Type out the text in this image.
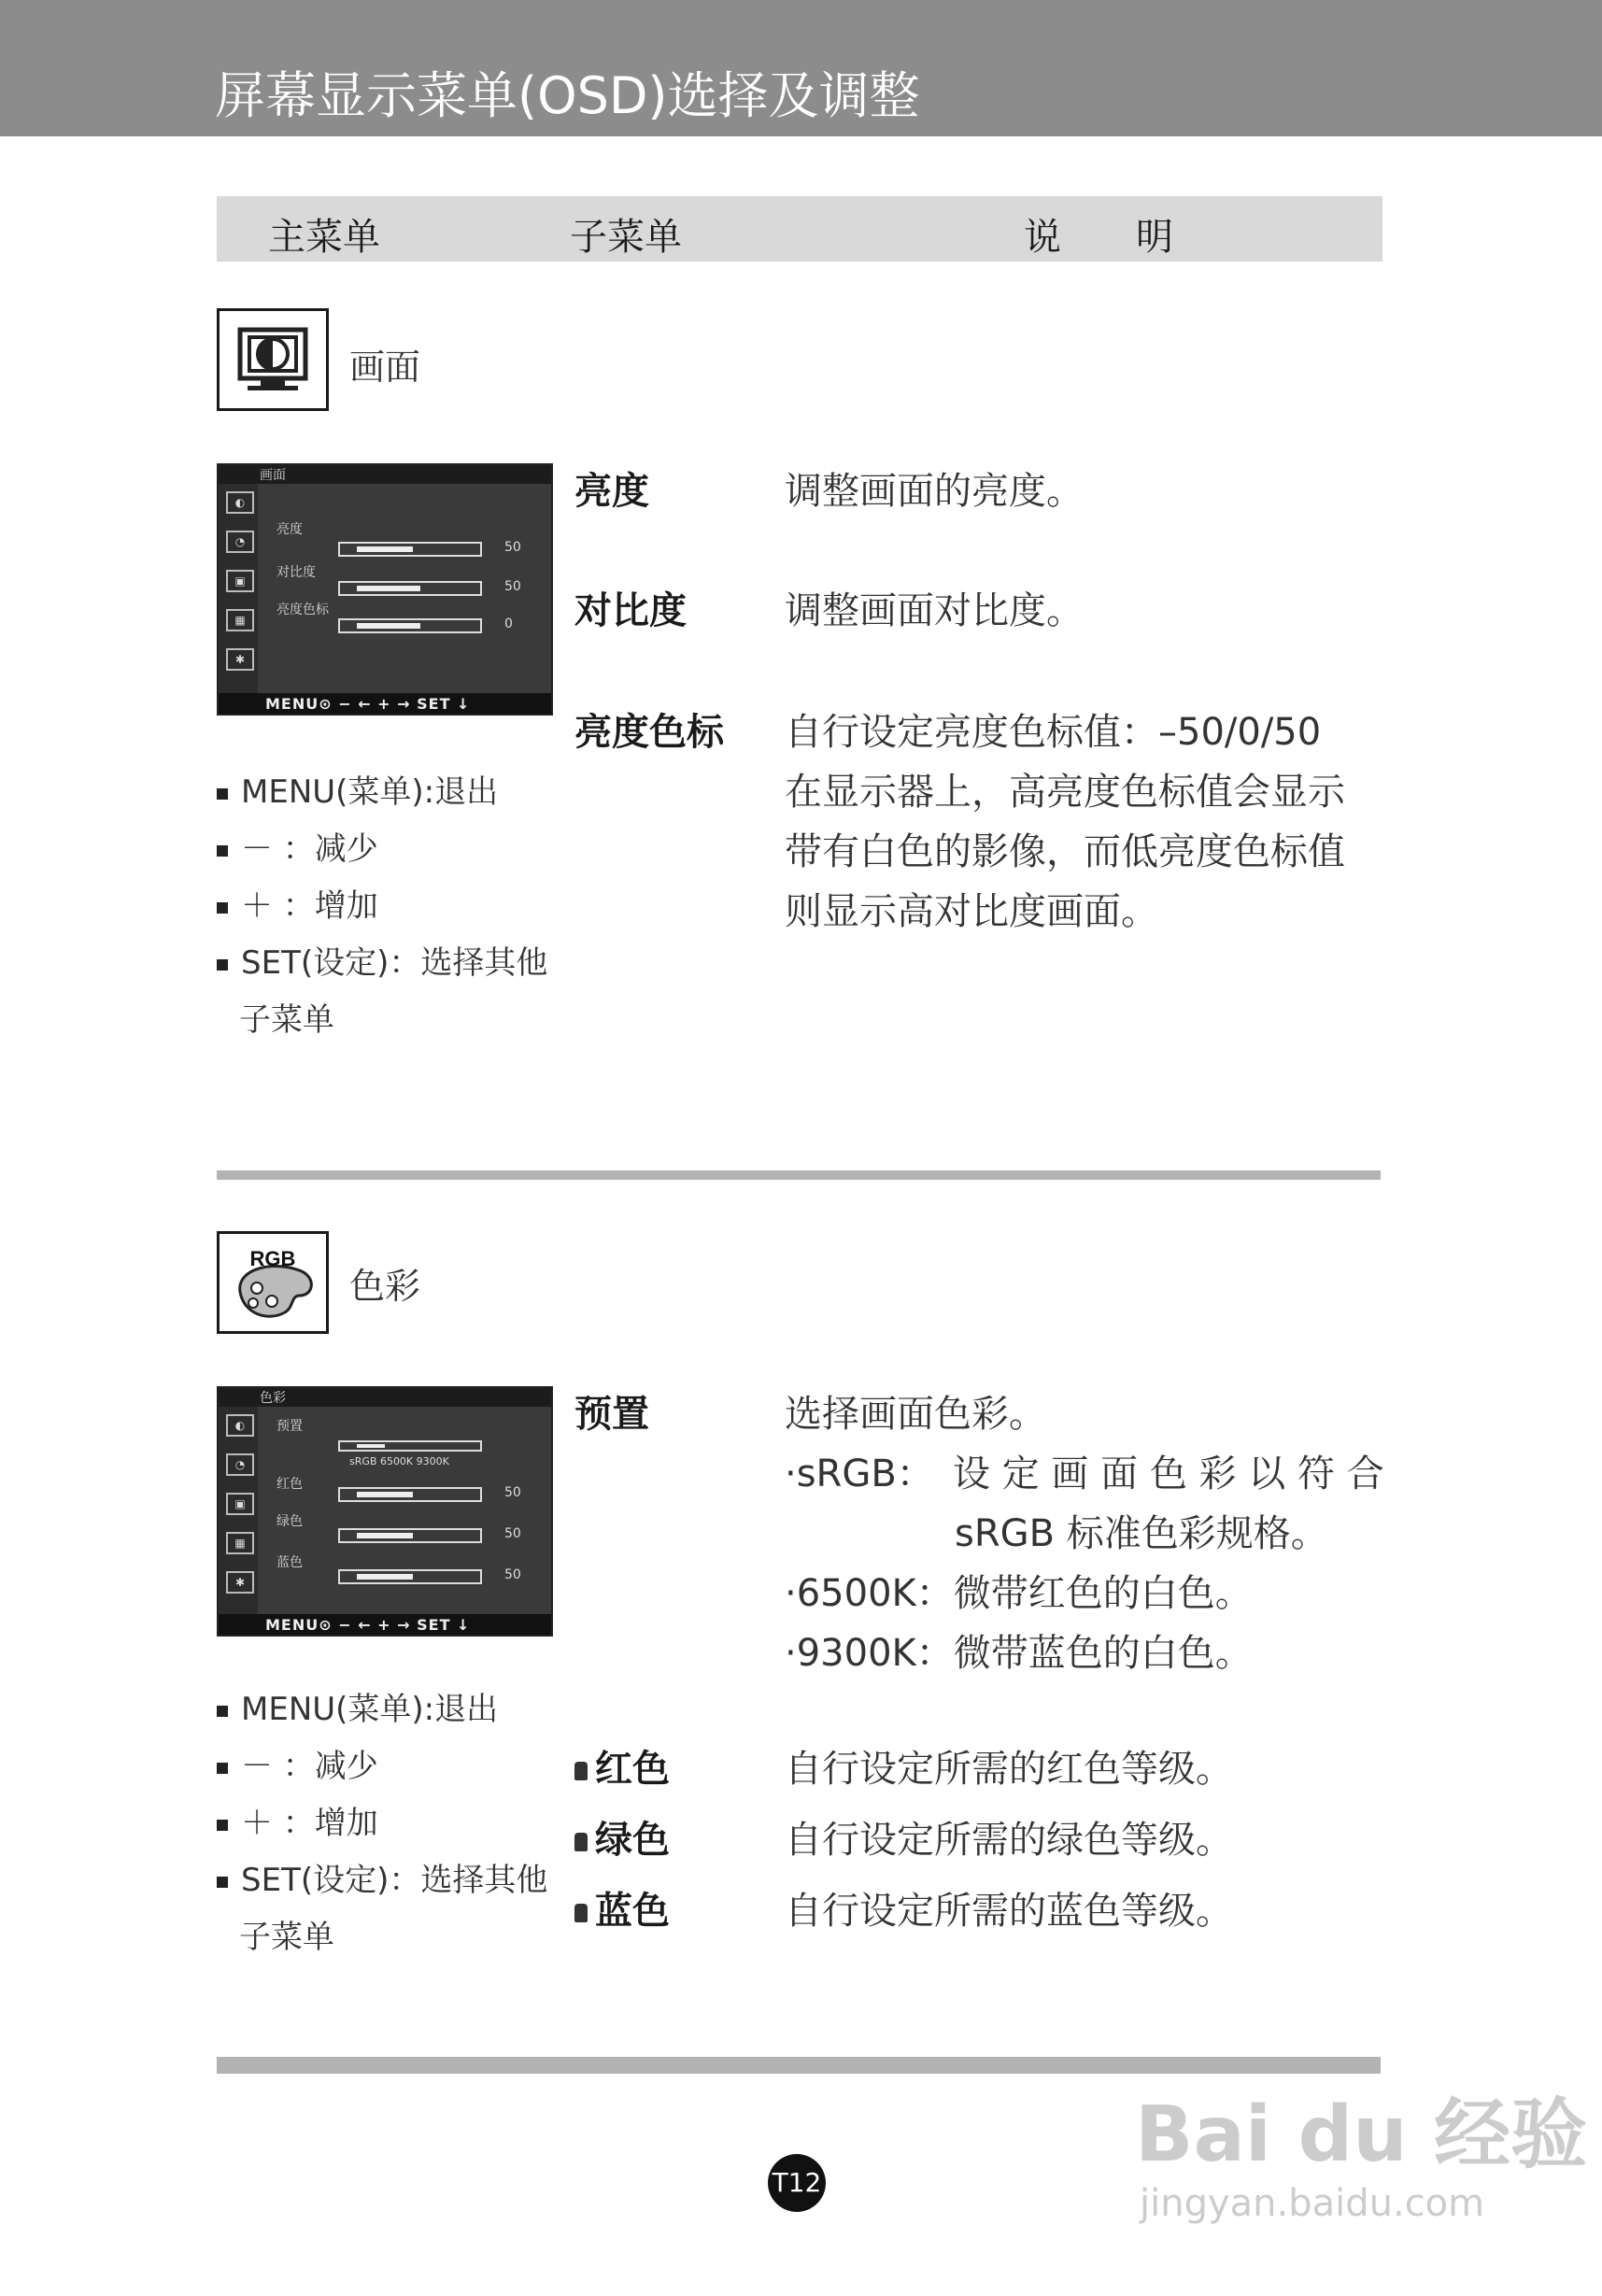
屏幕显示菜单(OSD)选择及调整
主菜单	子菜单	说　　明
画面
画面
◐
◔
▣
▦
✱
亮度
50
对比度
50
亮度色标
0
MENU⊙ − ← + → SET ↓
MENU(菜单):退出
－ ：减少
＋ ：增加
SET(设定)：选择其他
子菜单
亮度	调整画面的亮度。
对比度	调整画面对比度。
亮度色标 自行设定亮度色标值：–50/0/50
在显示器上，高亮度色标值会显示
带有白色的影像，而低亮度色标值
则显示高对比度画面。
RGB
色彩
色彩
◐
◔
▣
▦
✱
预置
sRGB 6500K 9300K
红色
50
绿色
50
蓝色
50
MENU⊙ − ← + → SET ↓
MENU(菜单):退出
－ ：减少
＋ ：增加
SET(设定)：选择其他
子菜单
预置	选择画面色彩。
·sRGB： 设 定 画 面 色 彩 以 符 合
sRGB 标准色彩规格。
·6500K：微带红色的白色。
·9300K：微带蓝色的白色。
红色	自行设定所需的红色等级。
绿色	自行设定所需的绿色等级。
蓝色	自行设定所需的蓝色等级。
T12
Bai du 经验
jingyan.baidu.com
